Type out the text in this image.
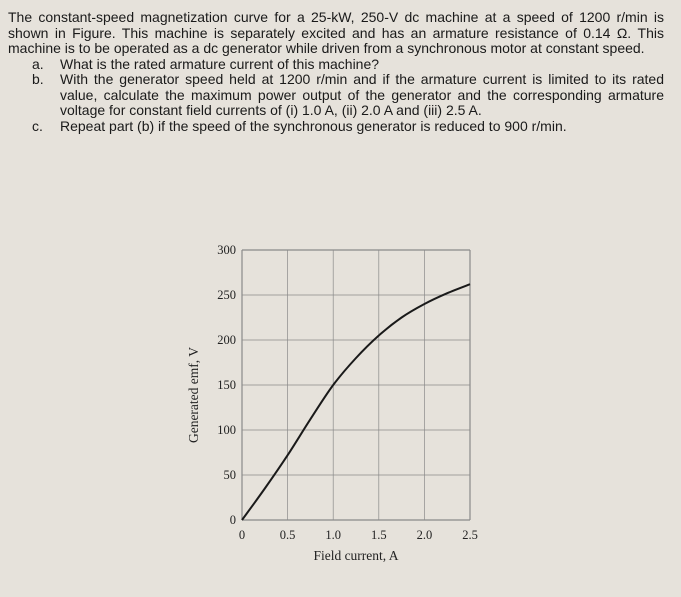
The constant-speed magnetization curve for a 25-kW, 250-V dc machine at a speed of 1200 r/min is shown in Figure. This machine is separately excited and has an armature resistance of 0.14 Ω. This machine is to be operated as a dc generator while driven from a synchronous motor at constant speed.

a. What is the rated armature current of this machine?
b. With the generator speed held at 1200 r/min and if the armature current is limited to its rated value, calculate the maximum power output of the generator and the corresponding armature voltage for constant field currents of (i) 1.0 A, (ii) 2.0 A and (iii) 2.5 A.
c. Repeat part (b) if the speed of the synchronous generator is reduced to 900 r/min.
0	0.5 1.0 1.5 2.0 2.5
0
50
100
150
200
250
300
Field current, A
Generated emf, V
